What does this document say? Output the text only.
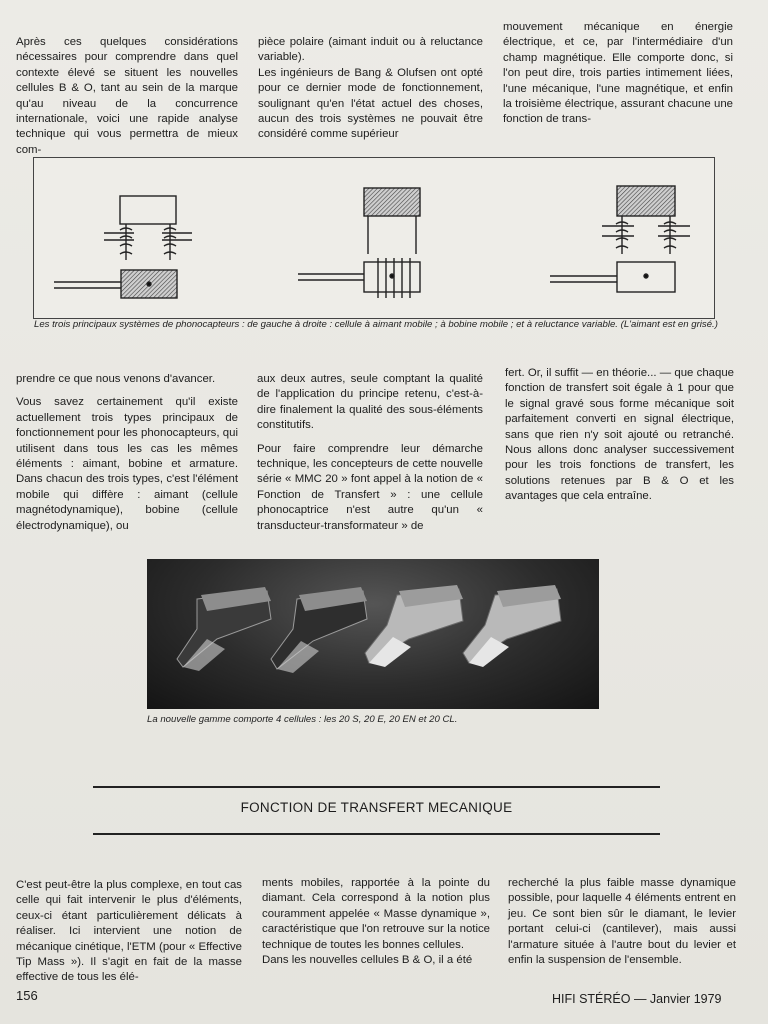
Après ces quelques considérations nécessaires pour comprendre dans quel contexte élevé se situent les nouvelles cellules B & O, tant au sein de la marque qu'au niveau de la concurrence internationale, voici une rapide analyse technique qui vous permettra de mieux com-

pièce polaire (aimant induit ou à reluctance variable).
Les ingénieurs de Bang & Olufsen ont opté pour ce dernier mode de fonctionnement, soulignant qu'en l'état actuel des choses, aucun des trois systèmes ne pouvait être considéré comme supérieur

mouvement mécanique en énergie électrique, et ce, par l'intermédiaire d'un champ magnétique. Elle comporte donc, si l'on peut dire, trois parties intimement liées, l'une mécanique, l'une magnétique, et enfin la troisième électrique, assurant chacune une fonction de trans-

Les trois principaux systèmes de phonocapteurs : de gauche à droite : cellule à aimant mobile ; à bobine mobile ; et à reluctance variable. (L'aimant est en grisé.)

prendre ce que nous venons d'avancer.

Vous savez certainement qu'il existe actuellement trois types principaux de fonctionnement pour les phonocapteurs, qui utilisent dans tous les cas les mêmes éléments : aimant, bobine et armature. Dans chacun des trois types, c'est l'élément mobile qui diffère : aimant (cellule magnétodynamique), bobine (cellule électrodynamique), ou

aux deux autres, seule comptant la qualité de l'application du principe retenu, c'est-à-dire finalement la qualité des sous-éléments constitutifs.

Pour faire comprendre leur démarche technique, les concepteurs de cette nouvelle série « MMC 20 » font appel à la notion de « Fonction de Transfert » : une cellule phonocaptrice n'est autre qu'un « transducteur-transformateur » de

fert. Or, il suffit — en théorie... — que chaque fonction de transfert soit égale à 1 pour que le signal gravé sous forme mécanique soit parfaitement converti en signal électrique, sans que rien n'y soit ajouté ou retranché. Nous allons donc analyser successivement pour les trois fonctions de transfert, les solutions retenues par B & O et les avantages que cela entraîne.

La nouvelle gamme comporte 4 cellules : les 20 S, 20 E, 20 EN et 20 CL.
FONCTION DE TRANSFERT MECANIQUE

C'est peut-être la plus complexe, en tout cas celle qui fait intervenir le plus d'éléments, ceux-ci étant particulièrement délicats à réaliser. Ici intervient une notion de mécanique cinétique, l'ETM (pour « Effective Tip Mass »). Il s'agit en fait de la masse effective de tous les élé-

ments mobiles, rapportée à la pointe du diamant. Cela correspond à la notion plus couramment appelée « Masse dynamique », caractéristique que l'on retrouve sur la notice technique de toutes les bonnes cellules.

Dans les nouvelles cellules B & O, il a été

recherché la plus faible masse dynamique possible, pour laquelle 4 éléments entrent en jeu. Ce sont bien sûr le diamant, le levier portant celui-ci (cantilever), mais aussi l'armature située à l'autre bout du levier et enfin la suspension de l'ensemble.

156	HIFI STÉRÉO — Janvier 1979
